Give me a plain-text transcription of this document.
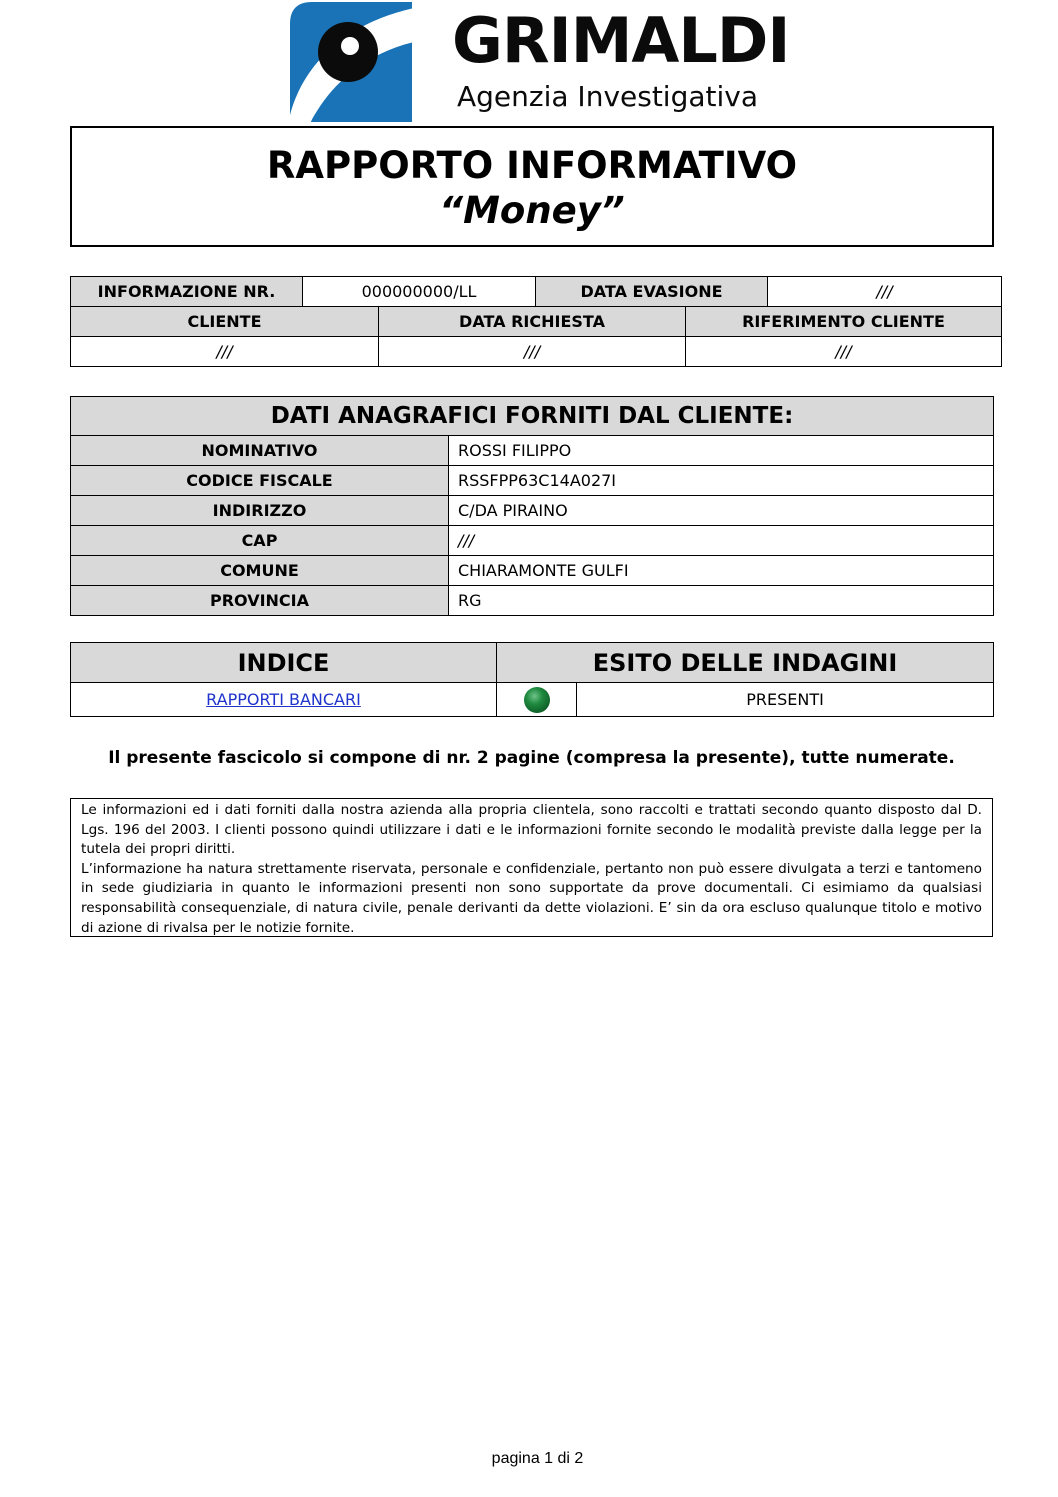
GRIMALDI
Agenzia Investigativa
RAPPORTO INFORMATIVO
“Money”
INFORMAZIONE NR.	000000000/LL	DATA EVASIONE	///
CLIENTE	DATA RICHIESTA	RIFERIMENTO CLIENTE
///	///	///
DATI ANAGRAFICI FORNITI DAL CLIENTE:	
NOMINATIVO	ROSSI FILIPPO
CODICE FISCALE	RSSFPP63C14A027I
INDIRIZZO	C/DA PIRAINO
CAP	///
COMUNE	CHIARAMONTE GULFI
PROVINCIA	RG
INDICE	ESITO DELLE INDAGINI	
RAPPORTI BANCARI		PRESENTI
Il presente fascicolo si compone di nr. 2 pagine (compresa la presente), tutte numerate.

Le informazioni ed i dati forniti dalla nostra azienda alla propria clientela, sono raccolti e trattati secondo quanto disposto dal D. Lgs. 196 del 2003. I clienti possono quindi utilizzare i dati e le informazioni fornite secondo le modalità previste dalla legge per la tutela dei propri diritti.

L’informazione ha natura strettamente riservata, personale e confidenziale, pertanto non può essere divulgata a terzi e tantomeno in sede giudiziaria in quanto le informazioni presenti non sono supportate da prove documentali. Ci esimiamo da qualsiasi responsabilità consequenziale, di natura civile, penale derivanti da dette violazioni. E’ sin da ora escluso qualunque titolo e motivo di azione di rivalsa per le notizie fornite.

pagina 1 di 2
